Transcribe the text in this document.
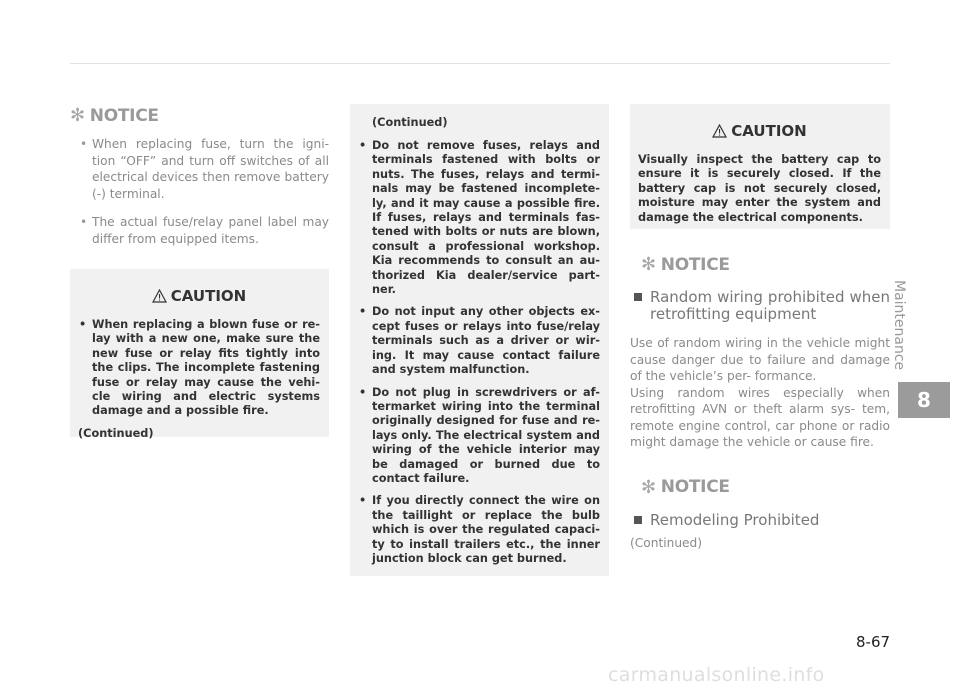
✻ NOTICE
• When replacing fuse, turn the igni- tion “OFF” and turn off switches of all electrical devices then remove battery (-) terminal.
• The actual fuse/relay panel label may differ from equipped items.
CAUTION
• When replacing a blown fuse or re- lay with a new one, make sure the new fuse or relay fits tightly into the clips. The incomplete fastening fuse or relay may cause the vehi- cle wiring and electric systems damage and a possible fire.
(Continued)
(Continued)
• Do not remove fuses, relays and terminals fastened with bolts or nuts. The fuses, relays and termi- nals may be fastened incomplete- ly, and it may cause a possible fire. If fuses, relays and terminals fas- tened with bolts or nuts are blown, consult a professional workshop. Kia recommends to consult an au- thorized Kia dealer/service part- ner.
• Do not input any other objects ex- cept fuses or relays into fuse/relay terminals such as a driver or wir- ing. It may cause contact failure and system malfunction.
• Do not plug in screwdrivers or af- termarket wiring into the terminal originally designed for fuse and re- lays only. The electrical system and wiring of the vehicle interior may be damaged or burned due to contact failure.
• If you directly connect the wire on the taillight or replace the bulb which is over the regulated capaci- ty to install trailers etc., the inner junction block can get burned.
CAUTION
Visually inspect the battery cap to ensure it is securely closed. If the battery cap is not securely closed, moisture may enter the system and damage the electrical components.
✻ NOTICE
Random wiring prohibited when retrofitting equipment
Use of random wiring in the vehicle might cause danger due to failure and damage of the vehicle’s per- formance.
Using random wires especially when retrofitting AVN or theft alarm sys- tem, remote engine control, car phone or radio might damage the vehicle or cause fire.
✻ NOTICE
Remodeling Prohibited
(Continued)
Maintenance
8
8-67
carmanualsonline.info
